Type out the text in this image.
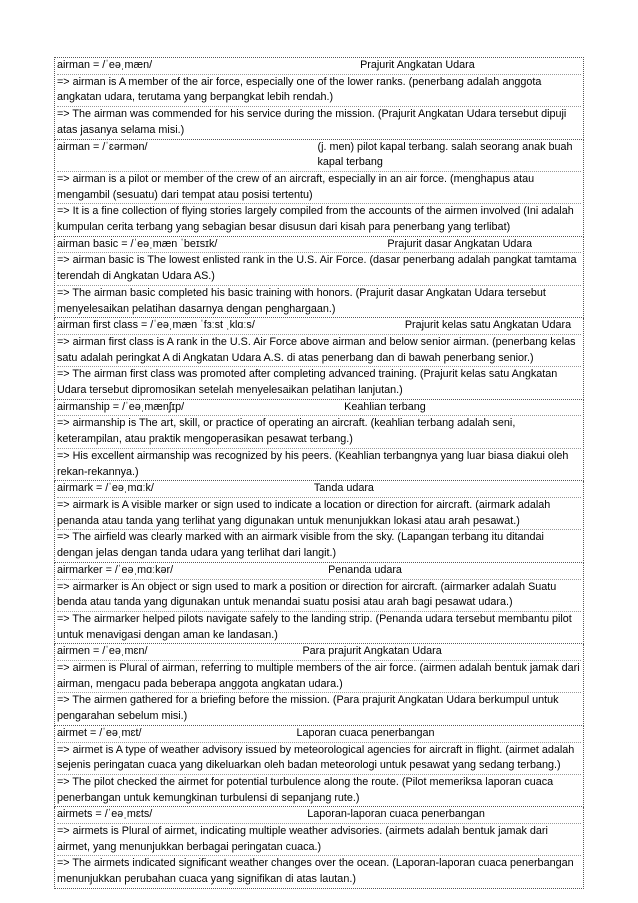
airman = /ˈeəˌmæn/	Prajurit Angkatan Udara
=> airman is A member of the air force, especially one of the lower ranks. (penerbang adalah anggota angkatan udara, terutama yang berpangkat lebih rendah.)
=> The airman was commended for his service during the mission. (Prajurit Angkatan Udara tersebut dipuji atas jasanya selama misi.)
airman = /ˈɛərmən/	(j. men) pilot kapal terbang. salah seorang anak buah kapal terbang
=> airman is a pilot or member of the crew of an aircraft, especially in an air force. (menghapus atau mengambil (sesuatu) dari tempat atau posisi tertentu)
=> It is a fine collection of flying stories largely compiled from the accounts of the airmen involved (Ini adalah kumpulan cerita terbang yang sebagian besar disusun dari kisah para penerbang yang terlibat)
airman basic = /ˈeəˌmæn ˈbeɪsɪk/	Prajurit dasar Angkatan Udara
=> airman basic is The lowest enlisted rank in the U.S. Air Force. (dasar penerbang adalah pangkat tamtama terendah di Angkatan Udara AS.)
=> The airman basic completed his basic training with honors. (Prajurit dasar Angkatan Udara tersebut menyelesaikan pelatihan dasarnya dengan penghargaan.)
airman first class = /ˈeəˌmæn ˈfɜːst ˌklɑːs/	Prajurit kelas satu Angkatan Udara
=> airman first class is A rank in the U.S. Air Force above airman and below senior airman. (penerbang kelas satu adalah peringkat A di Angkatan Udara A.S. di atas penerbang dan di bawah penerbang senior.)
=> The airman first class was promoted after completing advanced training. (Prajurit kelas satu Angkatan Udara tersebut dipromosikan setelah menyelesaikan pelatihan lanjutan.)
airmanship = /ˈeəˌmænʃɪp/	Keahlian terbang
=> airmanship is The art, skill, or practice of operating an aircraft. (keahlian terbang adalah seni, keterampilan, atau praktik mengoperasikan pesawat terbang.)
=> His excellent airmanship was recognized by his peers. (Keahlian terbangnya yang luar biasa diakui oleh rekan-rekannya.)
airmark = /ˈeəˌmɑːk/	Tanda udara
=> airmark is A visible marker or sign used to indicate a location or direction for aircraft. (airmark adalah penanda atau tanda yang terlihat yang digunakan untuk menunjukkan lokasi atau arah pesawat.)
=> The airfield was clearly marked with an airmark visible from the sky. (Lapangan terbang itu ditandai dengan jelas dengan tanda udara yang terlihat dari langit.)
airmarker = /ˈeəˌmɑːkər/	Penanda udara
=> airmarker is An object or sign used to mark a position or direction for aircraft. (airmarker adalah Suatu benda atau tanda yang digunakan untuk menandai suatu posisi atau arah bagi pesawat udara.)
=> The airmarker helped pilots navigate safely to the landing strip. (Penanda udara tersebut membantu pilot untuk menavigasi dengan aman ke landasan.)
airmen = /ˈeəˌmɛn/	Para prajurit Angkatan Udara
=> airmen is Plural of airman, referring to multiple members of the air force. (airmen adalah bentuk jamak dari airman, mengacu pada beberapa anggota angkatan udara.)
=> The airmen gathered for a briefing before the mission. (Para prajurit Angkatan Udara berkumpul untuk pengarahan sebelum misi.)
airmet = /ˈeəˌmɛt/	Laporan cuaca penerbangan
=> airmet is A type of weather advisory issued by meteorological agencies for aircraft in flight. (airmet adalah sejenis peringatan cuaca yang dikeluarkan oleh badan meteorologi untuk pesawat yang sedang terbang.)
=> The pilot checked the airmet for potential turbulence along the route. (Pilot memeriksa laporan cuaca penerbangan untuk kemungkinan turbulensi di sepanjang rute.)
airmets = /ˈeəˌmɛts/	Laporan-laporan cuaca penerbangan
=> airmets is Plural of airmet, indicating multiple weather advisories. (airmets adalah bentuk jamak dari airmet, yang menunjukkan berbagai peringatan cuaca.)
=> The airmets indicated significant weather changes over the ocean. (Laporan-laporan cuaca penerbangan menunjukkan perubahan cuaca yang signifikan di atas lautan.)
